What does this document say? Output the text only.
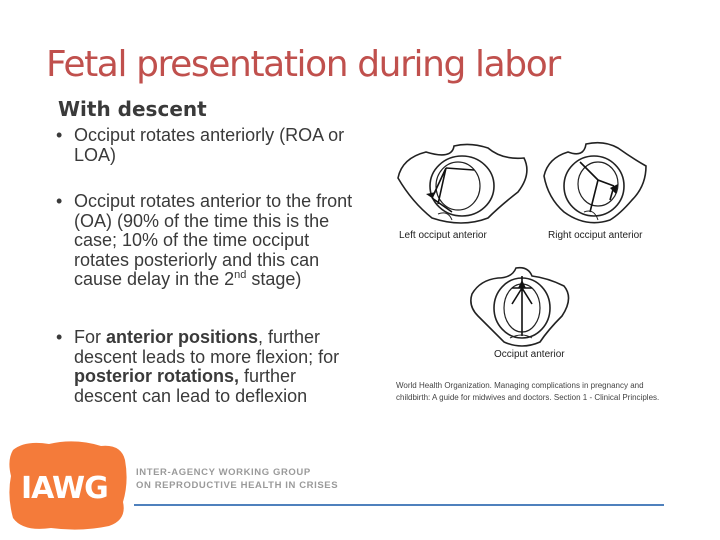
Fetal presentation during labor
With descent
• Occiput rotates anteriorly (ROA or LOA)
• Occiput rotates anterior to the front (OA) (90% of the time this is the case; 10% of the time occiput rotates posteriorly and this can cause delay in the 2nd stage)
• For anterior positions, further descent leads to more flexion; for posterior rotations, further descent can lead to deflexion
Left occiput anterior	Right occiput anterior
Occiput anterior
World Health Organization. Managing complications in pregnancy and childbirth: A guide for midwives and doctors. Section 1 - Clinical Principles.
IAWG	INTER-AGENCY WORKING GROUP
ON REPRODUCTIVE HEALTH IN CRISES
